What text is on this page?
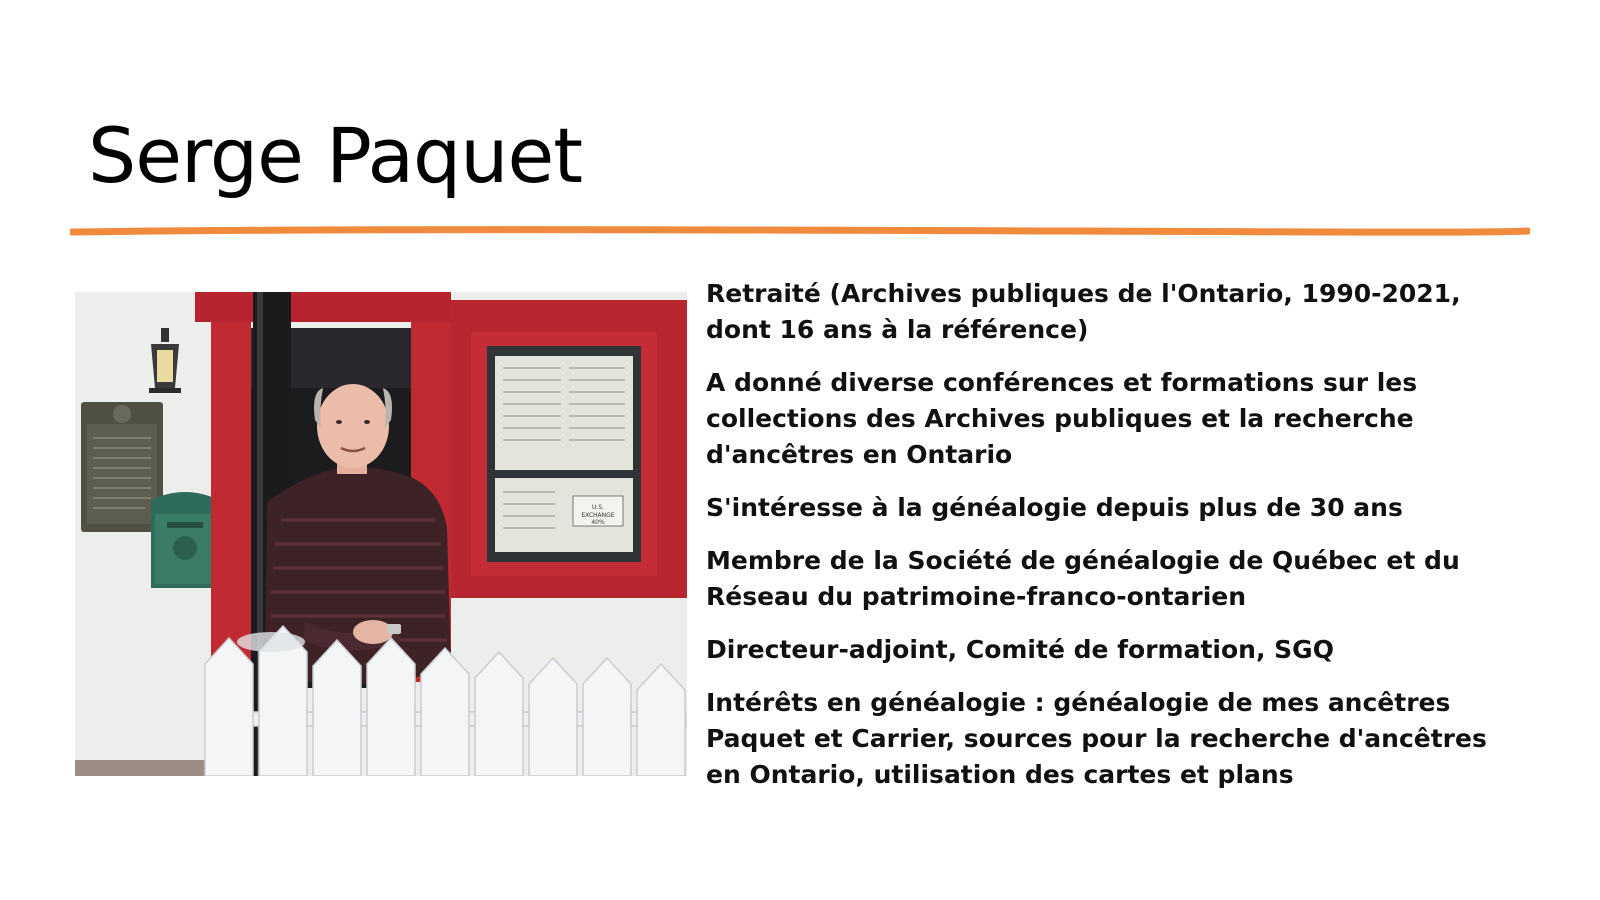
Serge Paquet
U.S.
EXCHANGE
40%
Retraité (Archives publiques de l'Ontario, 1990-2021, dont 16 ans à la référence)
A donné diverse conférences et formations sur les collections des Archives publiques et la recherche d'ancêtres en Ontario
S'intéresse à la généalogie depuis plus de 30 ans
Membre de la Société de généalogie de Québec et du Réseau du patrimoine-franco-ontarien
Directeur-adjoint, Comité de formation, SGQ
Intérêts en généalogie : généalogie de mes ancêtres Paquet et Carrier, sources pour la recherche d'ancêtres en Ontario, utilisation des cartes et plans
